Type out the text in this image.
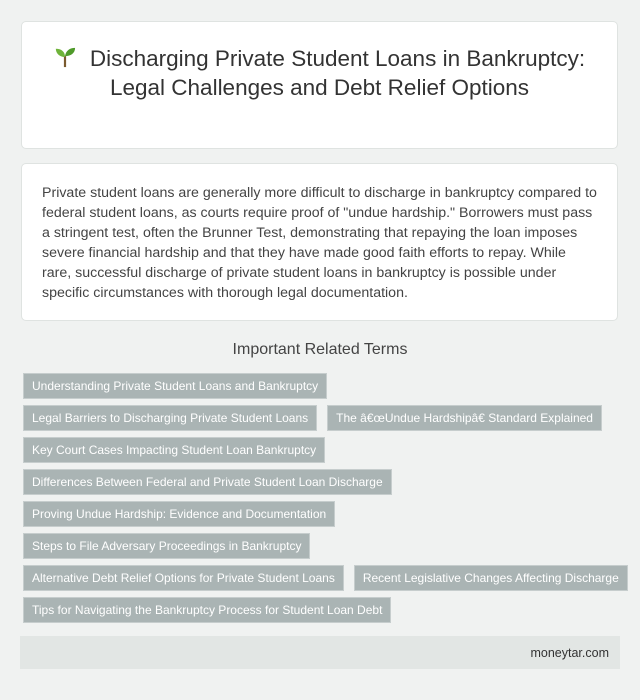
Discharging Private Student Loans in Bankruptcy: Legal Challenges and Debt Relief Options

Private student loans are generally more difficult to discharge in bankruptcy compared to federal student loans, as courts require proof of "undue hardship." Borrowers must pass a stringent test, often the Brunner Test, demonstrating that repaying the loan imposes severe financial hardship and that they have made good faith efforts to repay. While rare, successful discharge of private student loans in bankruptcy is possible under specific circumstances with thorough legal documentation.

Important Related Terms
Understanding Private Student Loans and Bankruptcy
Legal Barriers to Discharging Private Student Loans The â€œUndue Hardshipâ€ Standard Explained
Key Court Cases Impacting Student Loan Bankruptcy
Differences Between Federal and Private Student Loan Discharge
Proving Undue Hardship: Evidence and Documentation
Steps to File Adversary Proceedings in Bankruptcy
Alternative Debt Relief Options for Private Student Loans Recent Legislative Changes Affecting Discharge
Tips for Navigating the Bankruptcy Process for Student Loan Debt
moneytar.com
